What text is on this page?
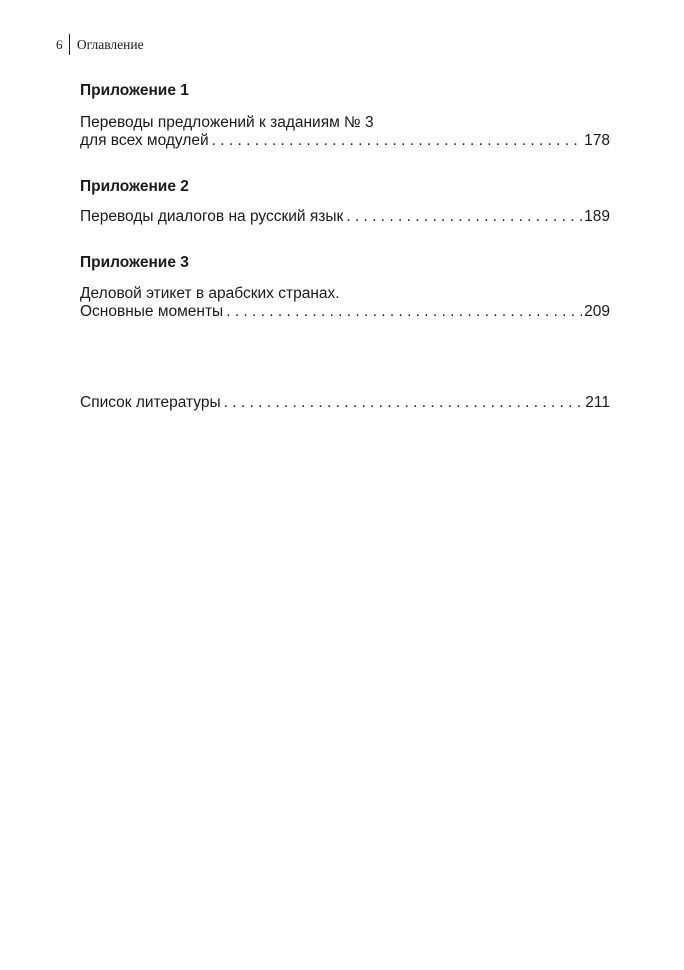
6 Оглавление
Приложение 1
Переводы предложений к заданиям № 3
для всех модулей . . .	178
Приложение 2
Переводы диалогов на русский язык . . .	189
Приложение 3
Деловой этикет в арабских странах.
Основные моменты . . .	209
Список литературы . . .	211
